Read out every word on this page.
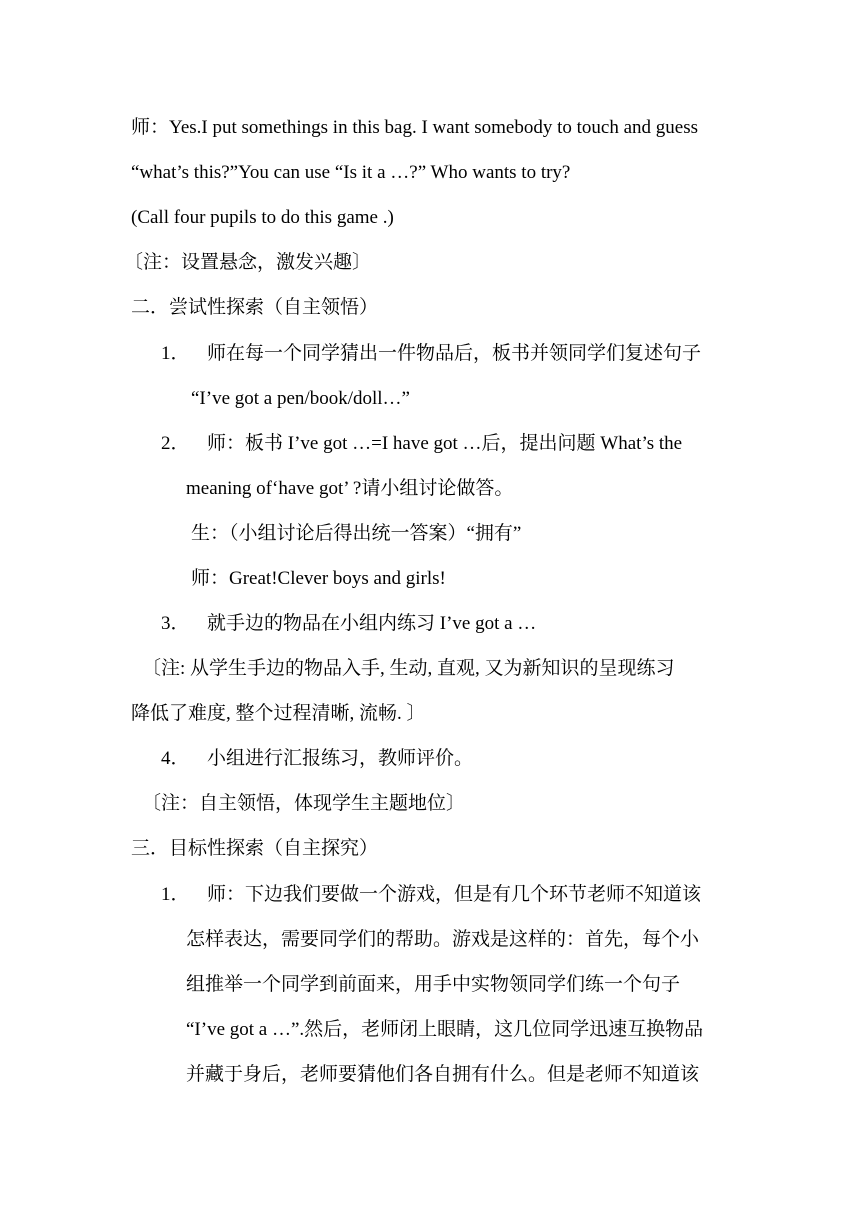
师：Yes.I put somethings in this bag. I want somebody to touch and guess
“what’s this?”You can use “Is it a …?” Who wants to try?
(Call four pupils to do this game .)
〔注：设置悬念，激发兴趣〕
二．尝试性探索（自主领悟）
1． 师在每一个同学猜出一件物品后，板书并领同学们复述句子
“I’ve got a pen/book/doll…”
2． 师：板书 I’ve got …=I have got …后，提出问题 What’s the
meaning of‘have got’ ?请小组讨论做答。
生：（小组讨论后得出统一答案）“拥有”
师：Great!Clever boys and girls!
3． 就手边的物品在小组内练习 I’ve got a …
〔注: 从学生手边的物品入手, 生动, 直观, 又为新知识的呈现练习
降低了难度, 整个过程清晰, 流畅. 〕
4． 小组进行汇报练习，教师评价。
〔注：自主领悟，体现学生主题地位〕
三．目标性探索（自主探究）
1． 师：下边我们要做一个游戏，但是有几个环节老师不知道该
怎样表达，需要同学们的帮助。游戏是这样的：首先，每个小
组推举一个同学到前面来，用手中实物领同学们练一个句子
“I’ve got a …”.然后，老师闭上眼睛，这几位同学迅速互换物品
并藏于身后，老师要猜他们各自拥有什么。但是老师不知道该
